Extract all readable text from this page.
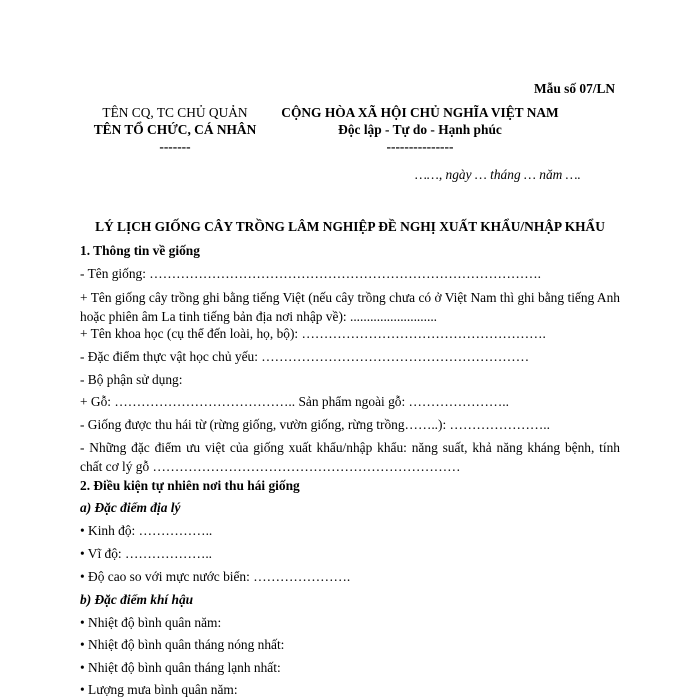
Mẫu số 07/LN
TÊN CQ, TC CHỦ QUẢN
TÊN TỔ CHỨC, CÁ NHÂN
-------
CỘNG HÒA XÃ HỘI CHỦ NGHĨA VIỆT NAM
Độc lập - Tự do - Hạnh phúc
---------------
……, ngày … tháng … năm ….
LÝ LỊCH GIỐNG CÂY TRỒNG LÂM NGHIỆP ĐỀ NGHỊ XUẤT KHẨU/NHẬP KHẨU
1. Thông tin về giống
- Tên giống: …………………………………………………………………………….
+ Tên giống cây trồng ghi bằng tiếng Việt (nếu cây trồng chưa có ở Việt Nam thì ghi bằng tiếng Anh hoặc phiên âm La tinh tiếng bản địa nơi nhập về): ..........................
+ Tên khoa học (cụ thể đến loài, họ, bộ): ……………………………………………….
- Đặc điểm thực vật học chủ yếu: ……………………………………………………
- Bộ phận sử dụng:
+ Gỗ: ………………………………….. Sản phẩm ngoài gỗ: …………………..
- Giống được thu hái từ (rừng giống, vườn giống, rừng trồng……..): …………………..
- Những đặc điểm ưu việt của giống xuất khẩu/nhập khẩu: năng suất, khả năng kháng bệnh, tính chất cơ lý gỗ ……………………………………………………………
2. Điều kiện tự nhiên nơi thu hái giống
a) Đặc điểm địa lý
• Kinh độ: ……………..
• Vĩ độ: ………………..
• Độ cao so với mực nước biển: ………………….
b) Đặc điểm khí hậu
• Nhiệt độ bình quân năm:
• Nhiệt độ bình quân tháng nóng nhất:
• Nhiệt độ bình quân tháng lạnh nhất:
• Lượng mưa bình quân năm:
